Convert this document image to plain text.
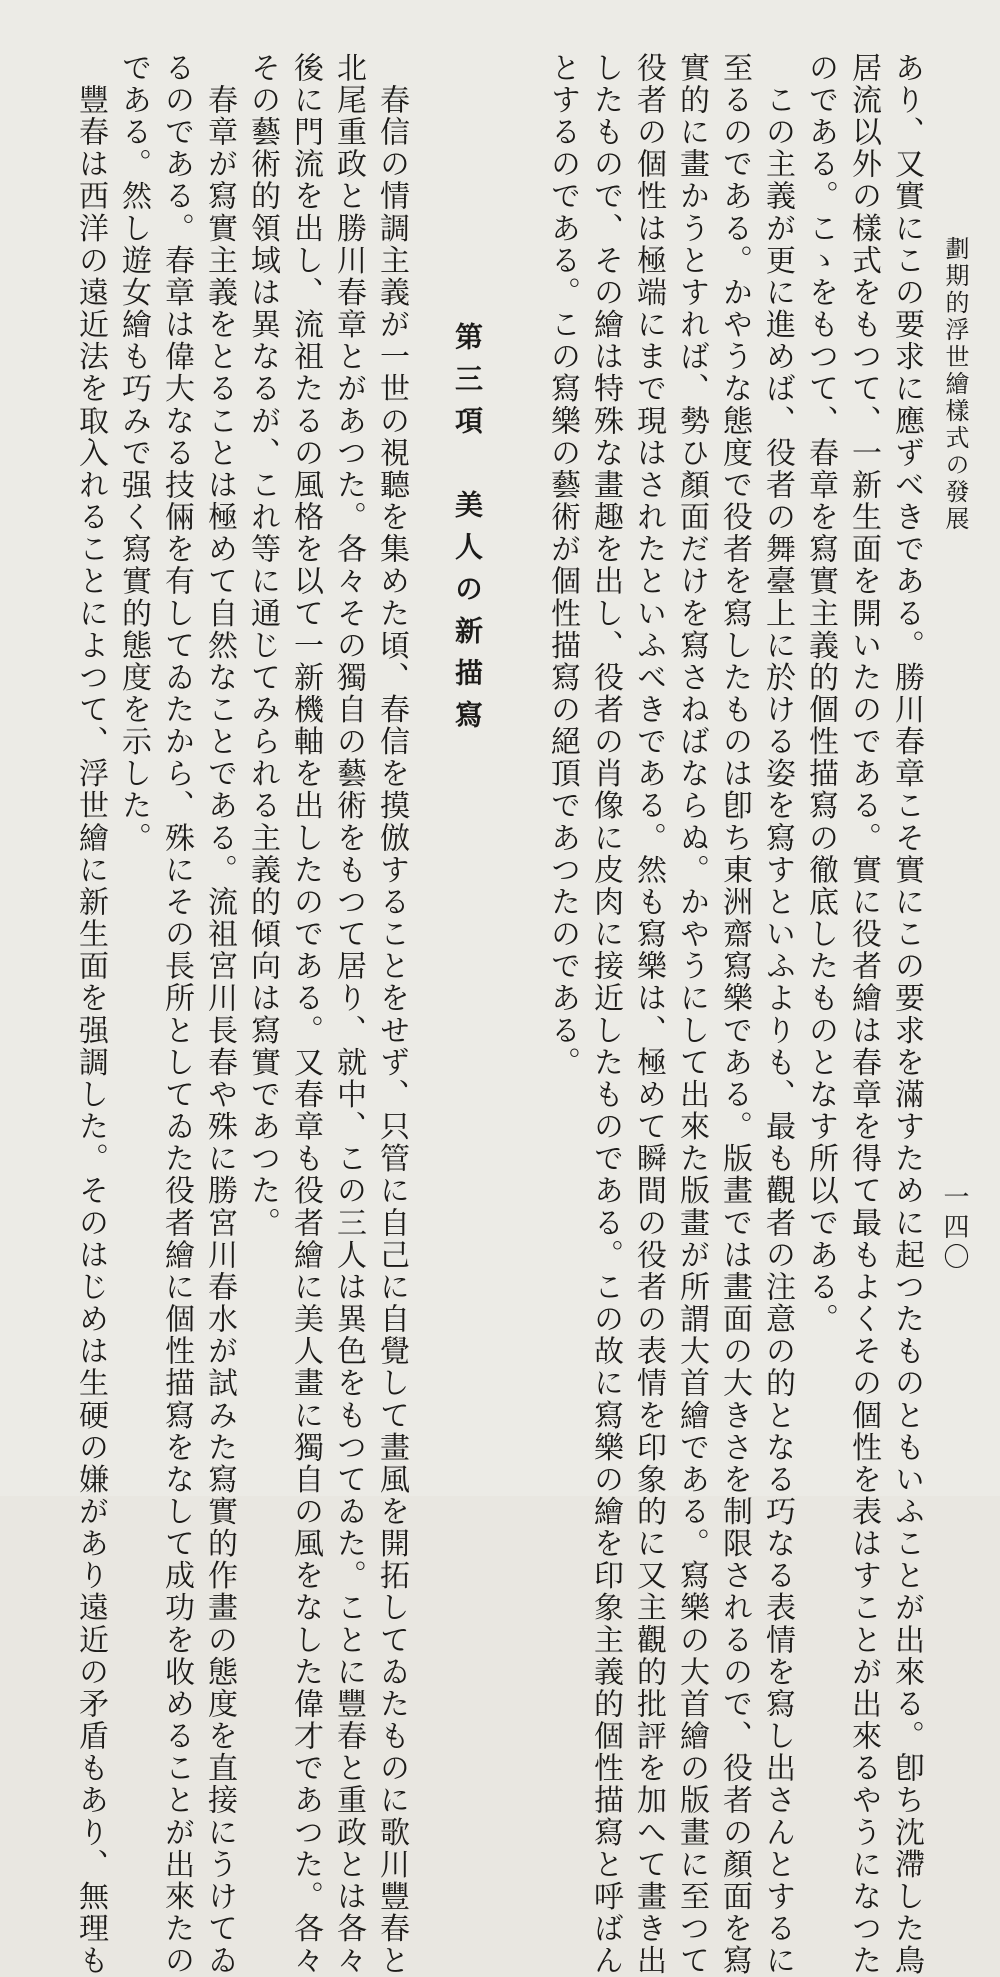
劃期的浮世繪樣式の發展
一四〇
あり、又實にこの要求に應ずべきである。勝川春章こそ實にこの要求を滿すために起つたものともいふことが出來る。卽ち沈滯した鳥
居流以外の樣式をもつて、一新生面を開いたのである。實に役者繪は春章を得て最もよくその個性を表はすことが出來るやうになつた
のである。こゝをもつて、春章を寫實主義的個性描寫の徹底したものとなす所以である。
　この主義が更に進めば、役者の舞臺上に於ける姿を寫すといふよりも、最も觀者の注意の的となる巧なる表情を寫し出さんとするに
至るのである。かやうな態度で役者を寫したものは卽ち東洲齋寫樂である。版畫では畫面の大きさを制限されるので、役者の顏面を寫
實的に畫かうとすれば、勢ひ顏面だけを寫さねばならぬ。かやうにして出來た版畫が所謂大首繪である。寫樂の大首繪の版畫に至つて
役者の個性は極端にまで現はされたといふべきである。然も寫樂は、極めて瞬間の役者の表情を印象的に又主觀的批評を加へて畫き出
したもので、その繪は特殊な畫趣を出し、役者の肖像に皮肉に接近したものである。この故に寫樂の繪を印象主義的個性描寫と呼ばん
とするのである。この寫樂の藝術が個性描寫の絕頂であつたのである。
第三項　美人の新描寫
　春信の情調主義が一世の視聽を集めた頃、春信を摸倣することをせず、只管に自己に自覺して畫風を開拓してゐたものに歌川豐春と
北尾重政と勝川春章とがあつた。各々その獨自の藝術をもつて居り、就中、この三人は異色をもつてゐた。ことに豐春と重政とは各々
後に門流を出し、流祖たるの風格を以て一新機軸を出したのである。又春章も役者繪に美人畫に獨自の風をなした偉才であつた。各々
その藝術的領域は異なるが、これ等に通じてみられる主義的傾向は寫實であつた。
　春章が寫實主義をとることは極めて自然なことである。流祖宮川長春や殊に勝宮川春水が試みた寫實的作畫の態度を直接にうけてゐ
るのである。春章は偉大なる技倆を有してゐたから、殊にその長所としてゐた役者繪に個性描寫をなして成功を收めることが出來たの
である。然し遊女繪も巧みで强く寫實的態度を示した。
　豐春は西洋の遠近法を取入れることによつて、浮世繪に新生面を强調した。そのはじめは生硬の嫌があり遠近の矛盾もあり、無理も
